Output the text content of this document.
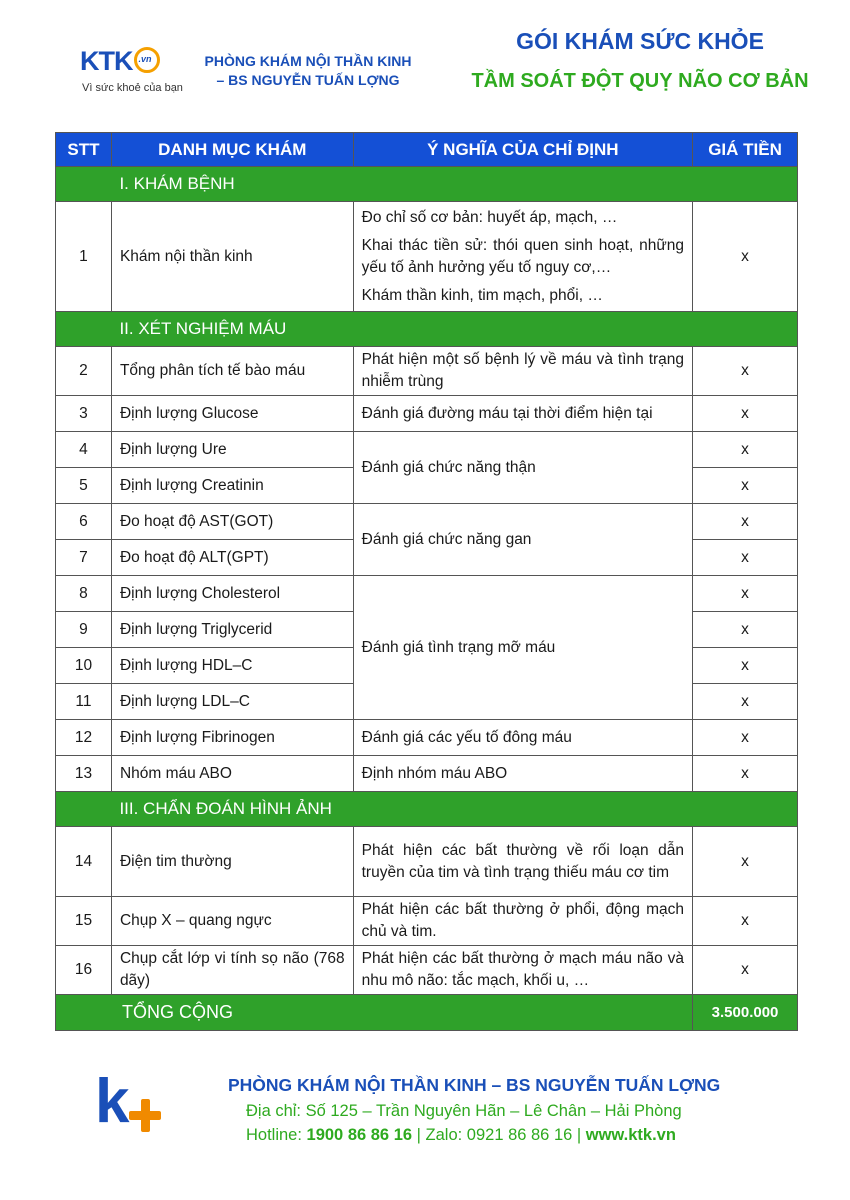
KTK .vn
Vì sức khoẻ của bạn
PHÒNG KHÁM NỘI THẦN KINH
– BS NGUYỄN TUẤN LỢNG
GÓI KHÁM SỨC KHỎE
TẦM SOÁT ĐỘT QUỴ NÃO CƠ BẢN
STT	DANH MỤC KHÁM	Ý NGHĨA CỦA CHỈ ĐỊNH	GIÁ TIỀN
	I. KHÁM BỆNH		
1	Khám nội thần kinh	Đo chỉ số cơ bản: huyết áp, mạch, …
Khai thác tiền sử: thói quen sinh hoạt, những yếu tố ảnh hưởng yếu tố nguy cơ,…
Khám thần kinh, tim mạch, phổi, …	x
	II. XÉT NGHIỆM MÁU		
2	Tổng phân tích tế bào máu	Phát hiện một số bệnh lý về máu và tình trạng nhiễm trùng	x
3	Định lượng Glucose	Đánh giá đường máu tại thời điểm hiện tại	x
4	Định lượng Ure	Đánh giá chức năng thận	x
5	Định lượng Creatinin		x
6	Đo hoạt độ AST(GOT)	Đánh giá chức năng gan	x
7	Đo hoạt độ ALT(GPT)		x
8	Định lượng Cholesterol	Đánh giá tình trạng mỡ máu	x
9	Định lượng Triglycerid		x
10	Định lượng HDL–C		x
11	Định lượng LDL–C		x
12	Định lượng Fibrinogen	Đánh giá các yếu tố đông máu	x
13	Nhóm máu ABO	Định nhóm máu ABO	x
	III. CHẨN ĐOÁN HÌNH ẢNH		
14	Điện tim thường	Phát hiện các bất thường về rối loạn dẫn truyền của tim và tình trạng thiếu máu cơ tim	x
15	Chụp X – quang ngực	Phát hiện các bất thường ở phổi, động mạch chủ và tim.	x
16	Chụp cắt lớp vi tính sọ não (768 dãy)	Phát hiện các bất thường ở mạch máu não và nhu mô não: tắc mạch, khối u, …	x
TỔNG CỘNG			3.500.000
k	PHÒNG KHÁM NỘI THẦN KINH – BS NGUYỄN TUẤN LỢNG
Địa chỉ: Số 125 – Trần Nguyên Hãn – Lê Chân – Hải Phòng
Hotline: 1900 86 86 16 | Zalo: 0921 86 86 16 | www.ktk.vn
